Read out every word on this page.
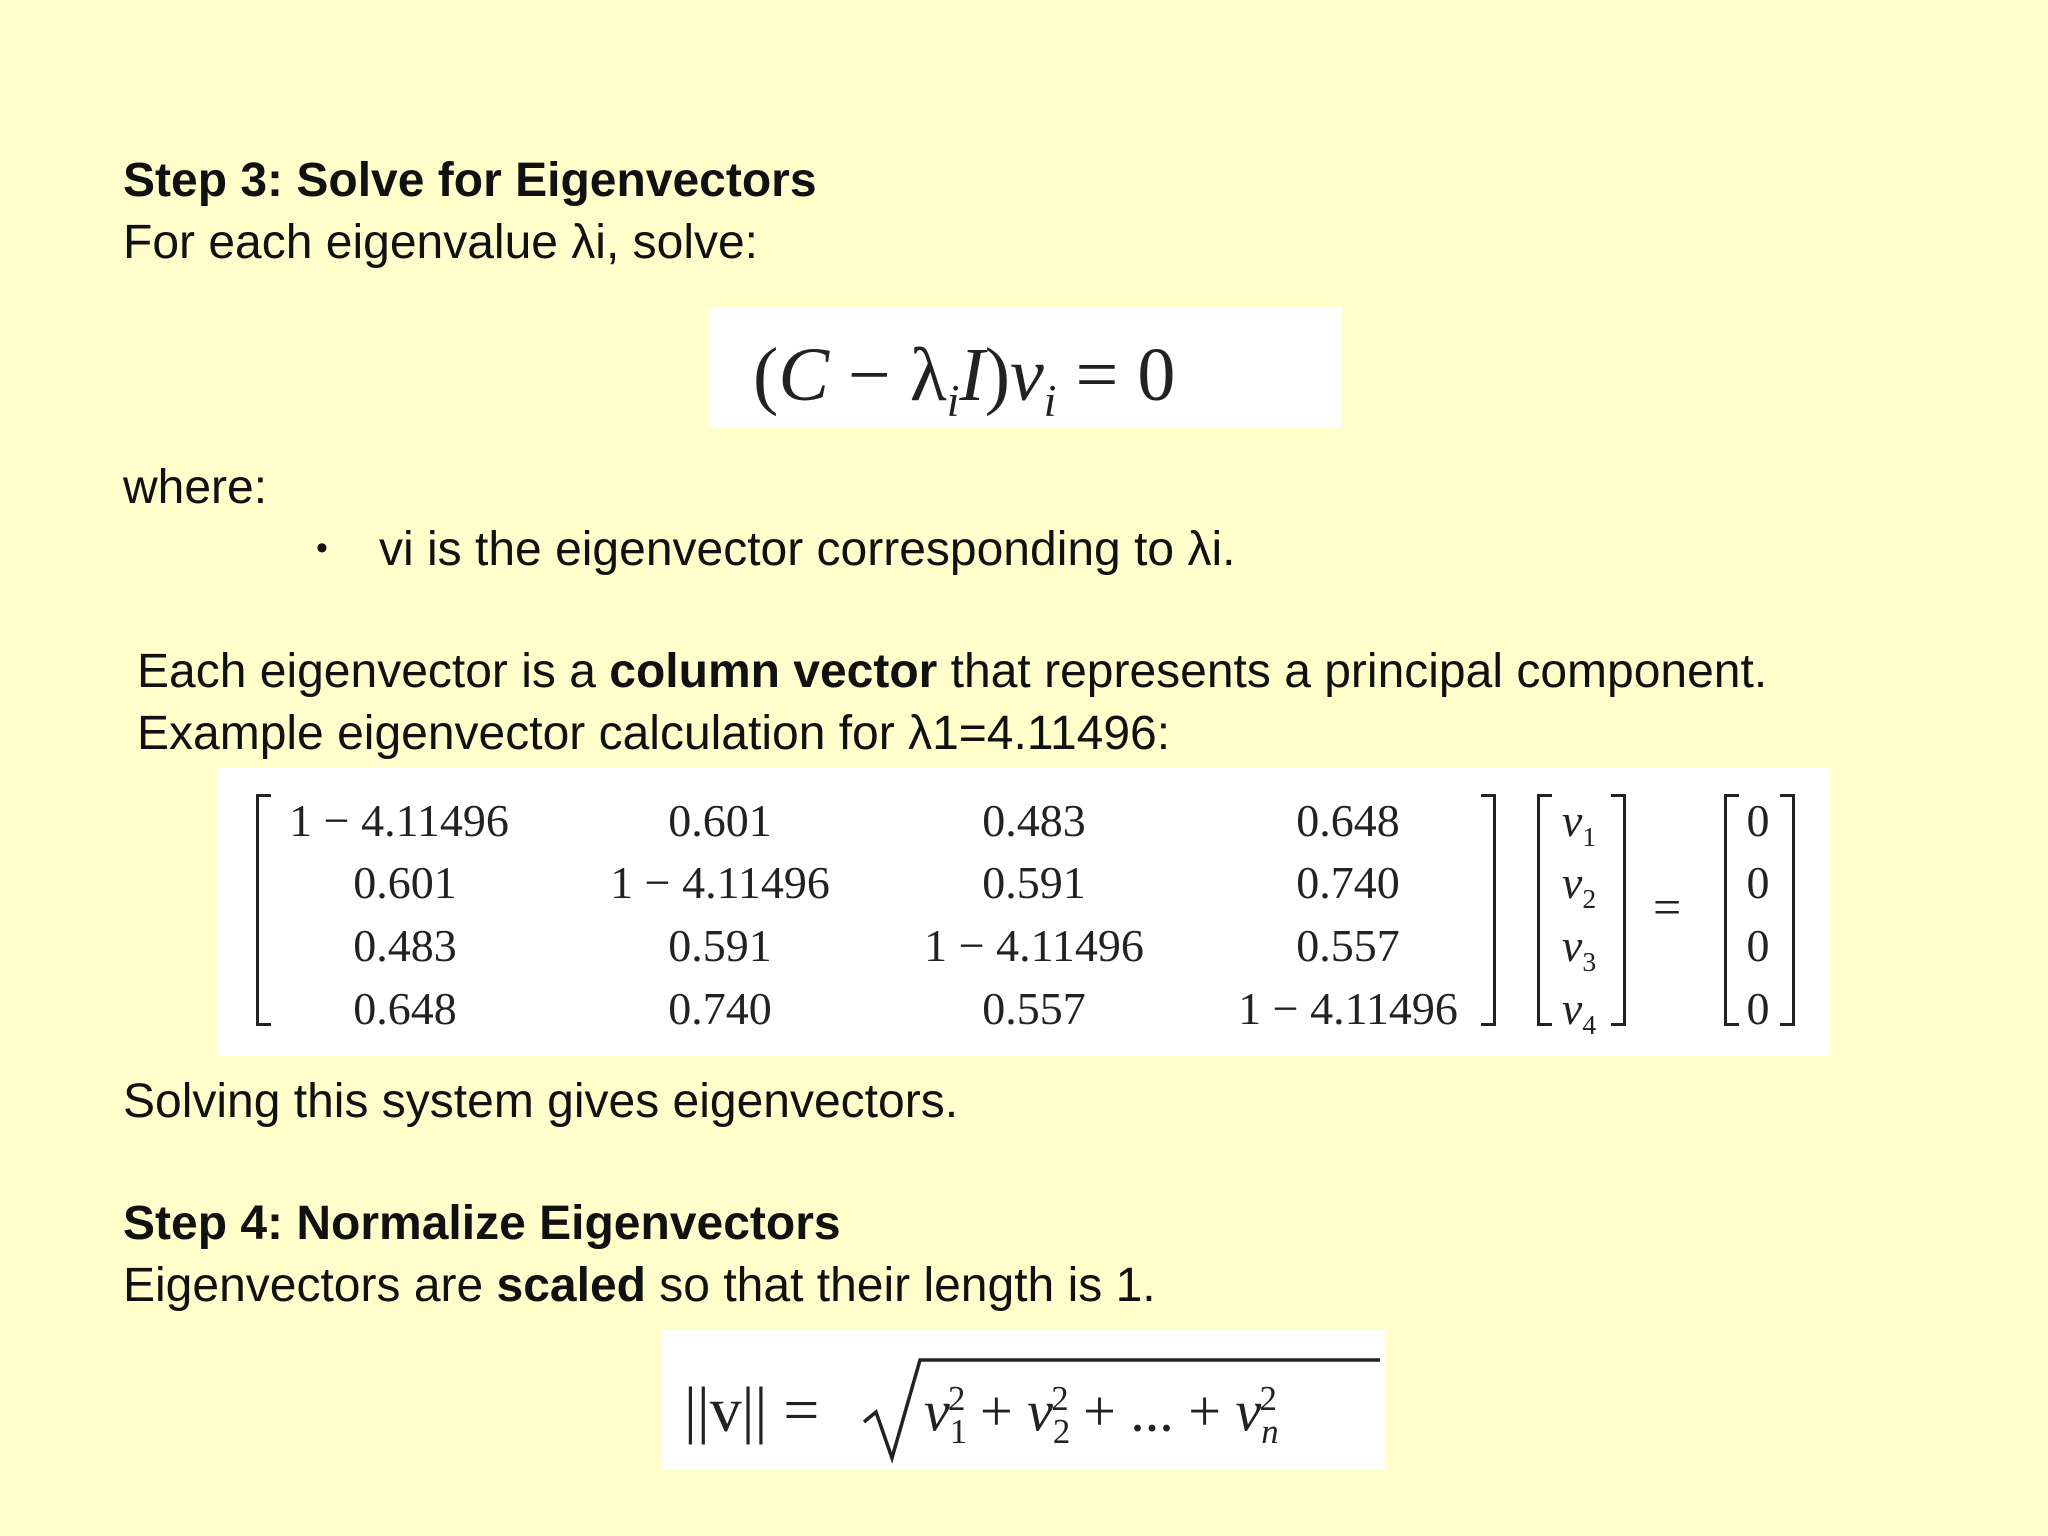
Step 3: Solve for Eigenvectors
For each eigenvalue λi, solve:
$(C - \lambda_iI)v_i = 0$
where:
• vi is the eigenvector corresponding to λi.
Each eigenvector is a column vector that represents a principal component.
Example eigenvector calculation for λ1=4.11496:
1 − 4.11496	0.601	0.483	0.648
0.601	1 − 4.11496	0.591	0.740
0.483	0.591	1 − 4.11496	0.557
0.648	0.740	0.557	1 − 4.11496
$v_1$
$v_2$
$v_3$
$v_4$
=
0
0
0
0
Solving this system gives eigenvectors.
Step 4: Normalize Eigenvectors
Eigenvectors are scaled so that their length is 1.
$||v|| = v_1^2 + v_2^2$ + ... + $v_n^2$
